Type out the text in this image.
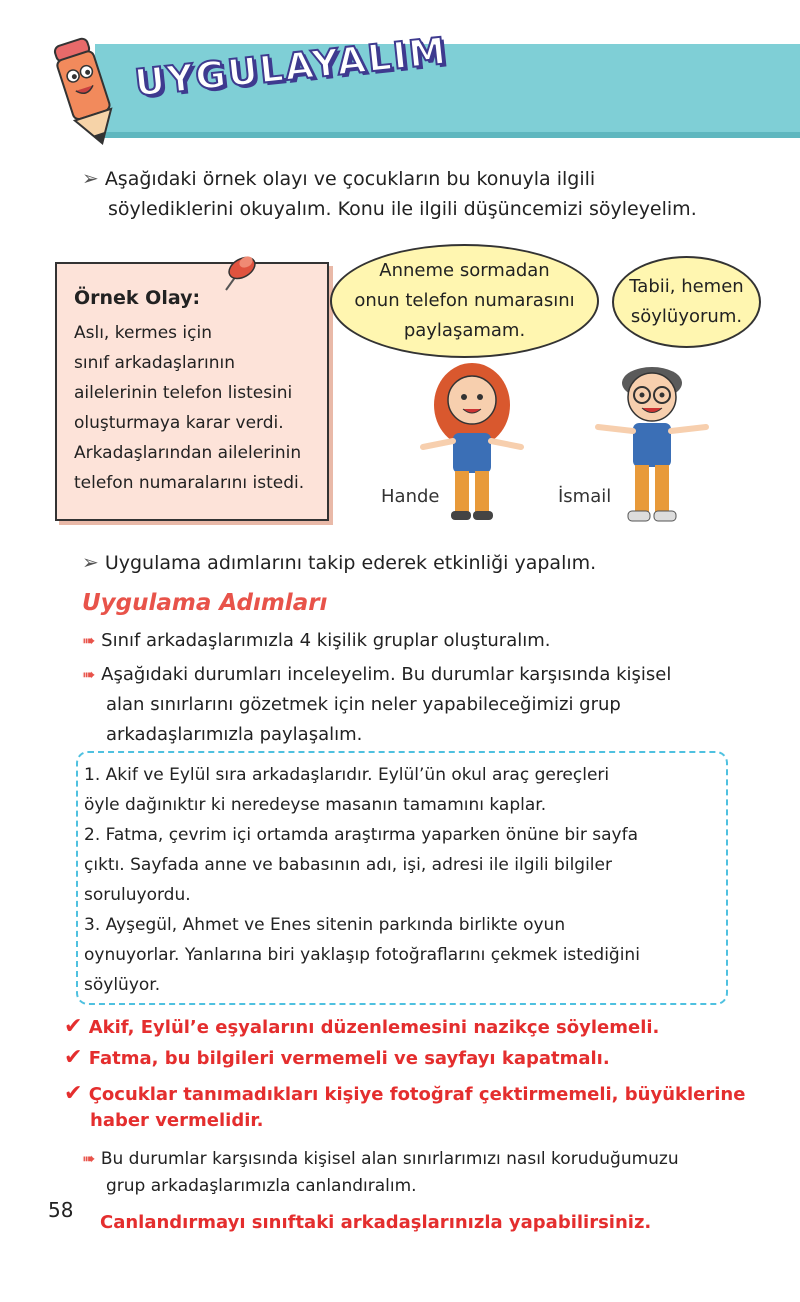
UYGULAYALIM
➢ Aşağıdaki örnek olayı ve çocukların bu konuyla ilgili
söylediklerini okuyalım. Konu ile ilgili düşüncemizi söyleyelim.
Örnek Olay:
Aslı, kermes için
sınıf arkadaşlarının
ailelerinin telefon listesini
oluşturmaya karar verdi.
Arkadaşlarından ailelerinin
telefon numaralarını istedi.
Anneme sormadan
onun telefon numarasını
paylaşamam.
Tabii, hemen
söylüyorum.
Hande	İsmail
➢ Uygulama adımlarını takip ederek etkinliği yapalım.
Uygulama Adımları
➠ Sınıf arkadaşlarımızla 4 kişilik gruplar oluşturalım.
➠ Aşağıdaki durumları inceleyelim. Bu durumlar karşısında kişisel
alan sınırlarını gözetmek için neler yapabileceğimizi grup
arkadaşlarımızla paylaşalım.
1. Akif ve Eylül sıra arkadaşlarıdır. Eylül’ün okul araç gereçleri
öyle dağınıktır ki neredeyse masanın tamamını kaplar.
2. Fatma, çevrim içi ortamda araştırma yaparken önüne bir sayfa
çıktı. Sayfada anne ve babasının adı, işi, adresi ile ilgili bilgiler
soruluyordu.
3. Ayşegül, Ahmet ve Enes sitenin parkında birlikte oyun
oynuyorlar. Yanlarına biri yaklaşıp fotoğraflarını çekmek istediğini
söylüyor.
✔ Akif, Eylül’e eşyalarını düzenlemesini nazikçe söylemeli.
✔ Fatma, bu bilgileri vermemeli ve sayfayı kapatmalı.
✔ Çocuklar tanımadıkları kişiye fotoğraf çektirmemeli, büyüklerine
haber vermelidir.
➠ Bu durumlar karşısında kişisel alan sınırlarımızı nasıl koruduğumuzu
grup arkadaşlarımızla canlandıralım.
58
Canlandırmayı sınıftaki arkadaşlarınızla yapabilirsiniz.
